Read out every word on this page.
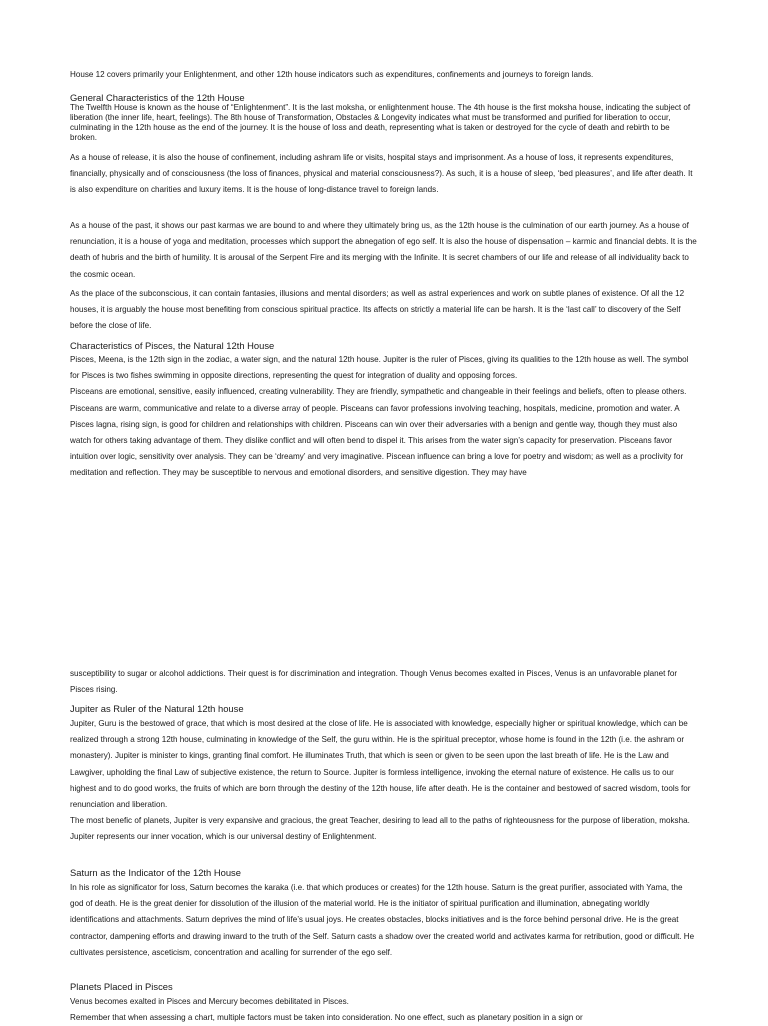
House 12 covers primarily your Enlightenment, and other 12th house indicators such as expenditures, confinements and journeys to foreign lands.

General Characteristics of the 12th House

The Twelfth House is known as the house of “Enlightenment”. It is the last moksha, or enlightenment house. The 4th house is the first moksha house, indicating the subject of liberation (the inner life, heart, feelings). The 8th house of Transformation, Obstacles & Longevity indicates what must be transformed and purified for liberation to occur, culminating in the 12th house as the end of the journey. It is the house of loss and death, representing what is taken or destroyed for the cycle of death and rebirth to be broken.

As a house of release, it is also the house of confinement, including ashram life or visits, hospital stays and imprisonment. As a house of loss, it represents expenditures, financially, physically and of consciousness (the loss of finances, physical and material consciousness?). As such, it is a house of sleep, ‘bed pleasures’, and life after death. It is also expenditure on charities and luxury items. It is the house of long-distance travel to foreign lands.

As a house of the past, it shows our past karmas we are bound to and where they ultimately bring us, as the 12th house is the culmination of our earth journey. As a house of renunciation, it is a house of yoga and meditation, processes which support the abnegation of ego self. It is also the house of dispensation – karmic and financial debts. It is the death of hubris and the birth of humility. It is arousal of the Serpent Fire and its merging with the Infinite. It is secret chambers of our life and release of all individuality back to the cosmic ocean.

As the place of the subconscious, it can contain fantasies, illusions and mental disorders; as well as astral experiences and work on subtle planes of existence. Of all the 12 houses, it is arguably the house most benefiting from conscious spiritual practice. Its affects on strictly a material life can be harsh. It is the ‘last call’ to discovery of the Self before the close of life.

Characteristics of Pisces, the Natural 12th House

Pisces, Meena, is the 12th sign in the zodiac, a water sign, and the natural 12th house. Jupiter is the ruler of Pisces, giving its qualities to the 12th house as well. The symbol for Pisces is two fishes swimming in opposite directions, representing the quest for integration of duality and opposing forces.

Pisceans are emotional, sensitive, easily influenced, creating vulnerability. They are friendly, sympathetic and changeable in their feelings and beliefs, often to please others. Pisceans are warm, communicative and relate to a diverse array of people. Pisceans can favor professions involving teaching, hospitals, medicine, promotion and water. A Pisces lagna, rising sign, is good for children and relationships with children. Pisceans can win over their adversaries with a benign and gentle way, though they must also watch for others taking advantage of them. They dislike conflict and will often bend to dispel it. This arises from the water sign’s capacity for preservation. Pisceans favor intuition over logic, sensitivity over analysis. They can be ‘dreamy’ and very imaginative. Piscean influence can bring a love for poetry and wisdom; as well as a proclivity for meditation and reflection. They may be susceptible to nervous and emotional disorders, and sensitive digestion. They may have

susceptibility to sugar or alcohol addictions. Their quest is for discrimination and integration. Though Venus becomes exalted in Pisces, Venus is an unfavorable planet for Pisces rising.

Jupiter as Ruler of the Natural 12th house

Jupiter, Guru is the bestowed of grace, that which is most desired at the close of life. He is associated with knowledge, especially higher or spiritual knowledge, which can be realized through a strong 12th house, culminating in knowledge of the Self, the guru within. He is the spiritual preceptor, whose home is found in the 12th (i.e. the ashram or monastery). Jupiter is minister to kings, granting final comfort. He illuminates Truth, that which is seen or given to be seen upon the last breath of life. He is the Law and Lawgiver, upholding the final Law of subjective existence, the return to Source. Jupiter is formless intelligence, invoking the eternal nature of existence. He calls us to our highest and to do good works, the fruits of which are born through the destiny of the 12th house, life after death. He is the container and bestowed of sacred wisdom, tools for renunciation and liberation.

The most benefic of planets, Jupiter is very expansive and gracious, the great Teacher, desiring to lead all to the paths of righteousness for the purpose of liberation, moksha. Jupiter represents our inner vocation, which is our universal destiny of Enlightenment.

Saturn as the Indicator of the 12th House

In his role as significator for loss, Saturn becomes the karaka (i.e. that which produces or creates) for the 12th house. Saturn is the great purifier, associated with Yama, the god of death. He is the great denier for dissolution of the illusion of the material world. He is the initiator of spiritual purification and illumination, abnegating worldly identifications and attachments. Saturn deprives the mind of life’s usual joys. He creates obstacles, blocks initiatives and is the force behind personal drive. He is the great contractor, dampening efforts and drawing inward to the truth of the Self. Saturn casts a shadow over the created world and activates karma for retribution, good or difficult. He cultivates persistence, asceticism, concentration and acalling for surrender of the ego self.

Planets Placed in Pisces

Venus becomes exalted in Pisces and Mercury becomes debilitated in Pisces.

Remember that when assessing a chart, multiple factors must be taken into consideration. No one effect, such as planetary position in a sign or
